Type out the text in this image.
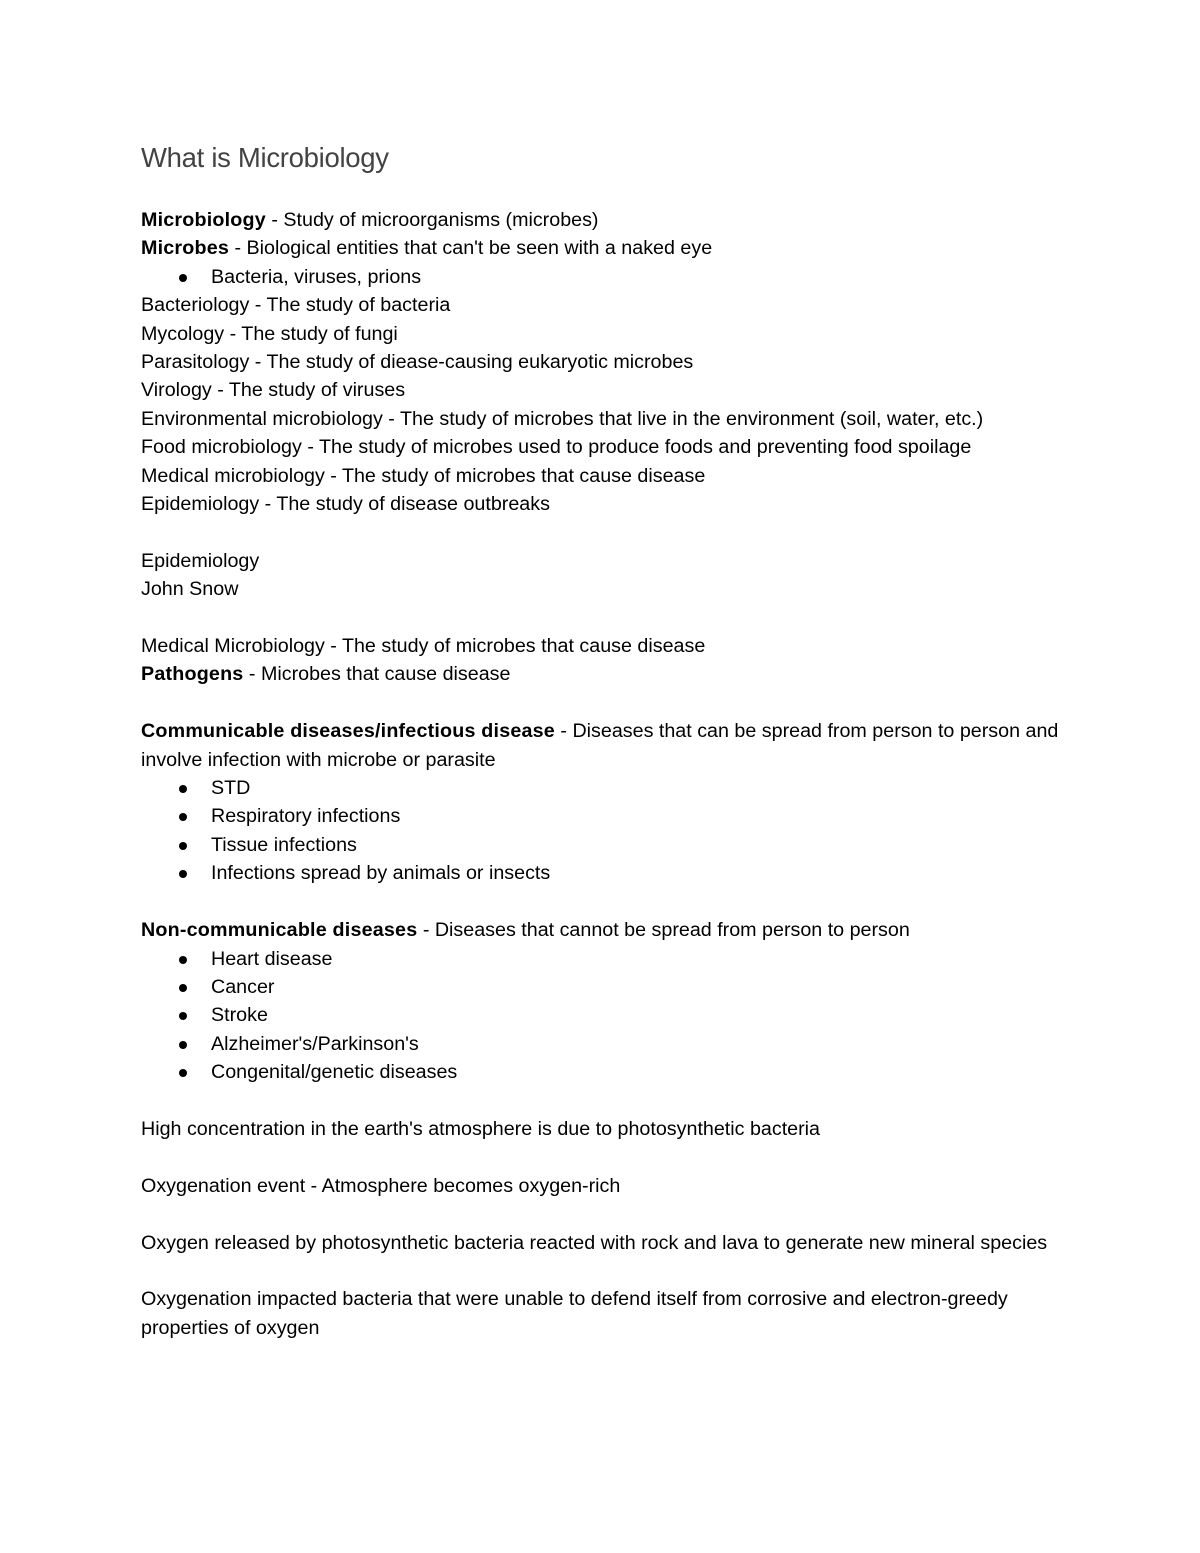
What is Microbiology

Microbiology - Study of microorganisms (microbes)

Microbes - Biological entities that can't be seen with a naked eye

Bacteria, viruses, prions

Bacteriology - The study of bacteria

Mycology - The study of fungi

Parasitology - The study of diease-causing eukaryotic microbes

Virology - The study of viruses

Environmental microbiology - The study of microbes that live in the environment (soil, water, etc.)

Food microbiology - The study of microbes used to produce foods and preventing food spoilage

Medical microbiology - The study of microbes that cause disease

Epidemiology - The study of disease outbreaks

Epidemiology

John Snow

Medical Microbiology - The study of microbes that cause disease

Pathogens - Microbes that cause disease

Communicable diseases/infectious disease - Diseases that can be spread from person to person and involve infection with microbe or parasite

STD
Respiratory infections
Tissue infections
Infections spread by animals or insects

Non-communicable diseases - Diseases that cannot be spread from person to person

Heart disease
Cancer
Stroke
Alzheimer's/Parkinson's
Congenital/genetic diseases

High concentration in the earth's atmosphere is due to photosynthetic bacteria

Oxygenation event - Atmosphere becomes oxygen-rich

Oxygen released by photosynthetic bacteria reacted with rock and lava to generate new mineral species

Oxygenation impacted bacteria that were unable to defend itself from corrosive and electron-greedy properties of oxygen
